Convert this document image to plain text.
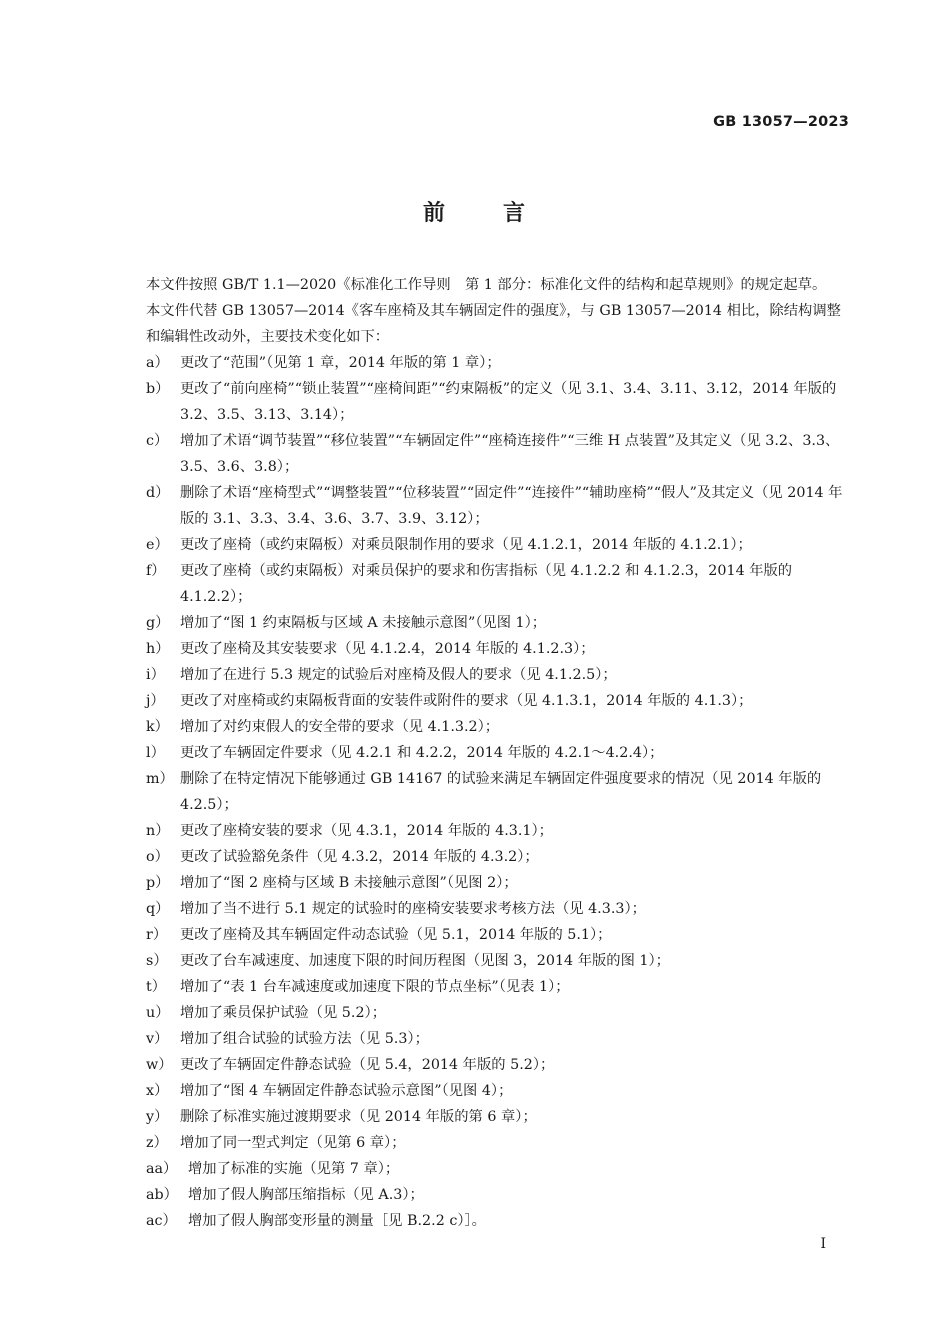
GB 13057—2023
前	言

本文件按照 GB/T 1.1—2020《标准化工作导则　第 1 部分：标准化文件的结构和起草规则》的规定起草。

本文件代替 GB 13057—2014《客车座椅及其车辆固定件的强度》，与 GB 13057—2014 相比，除结构调整和编辑性改动外，主要技术变化如下：

a） 更改了“范围”（见第 1 章，2014 年版的第 1 章）；
b） 更改了“前向座椅”“锁止装置”“座椅间距”“约束隔板”的定义（见 3.1、3.4、3.11、3.12，2014 年版的 3.2、3.5、3.13、3.14）；
c） 增加了术语“调节装置”“移位装置”“车辆固定件”“座椅连接件”“三维 H 点装置”及其定义（见 3.2、3.3、3.5、3.6、3.8）；
d） 删除了术语“座椅型式”“调整装置”“位移装置”“固定件”“连接件”“辅助座椅”“假人”及其定义（见 2014 年版的 3.1、3.3、3.4、3.6、3.7、3.9、3.12）；
e） 更改了座椅（或约束隔板）对乘员限制作用的要求（见 4.1.2.1，2014 年版的 4.1.2.1）；
f）	更改了座椅（或约束隔板）对乘员保护的要求和伤害指标（见 4.1.2.2 和 4.1.2.3，2014 年版的 4.1.2.2）；
g） 增加了“图 1 约束隔板与区域 A 未接触示意图”（见图 1）；
h） 更改了座椅及其安装要求（见 4.1.2.4，2014 年版的 4.1.2.3）；
i）	增加了在进行 5.3 规定的试验后对座椅及假人的要求（见 4.1.2.5）；
j）	更改了对座椅或约束隔板背面的安装件或附件的要求（见 4.1.3.1，2014 年版的 4.1.3）；
k） 增加了对约束假人的安全带的要求（见 4.1.3.2）；
l）	更改了车辆固定件要求（见 4.2.1 和 4.2.2，2014 年版的 4.2.1～4.2.4）；
m） 删除了在特定情况下能够通过 GB 14167 的试验来满足车辆固定件强度要求的情况（见 2014 年版的 4.2.5）；
n） 更改了座椅安装的要求（见 4.3.1，2014 年版的 4.3.1）；
o） 更改了试验豁免条件（见 4.3.2，2014 年版的 4.3.2）；
p） 增加了“图 2 座椅与区域 B 未接触示意图”（见图 2）；
q） 增加了当不进行 5.1 规定的试验时的座椅安装要求考核方法（见 4.3.3）；
r） 更改了座椅及其车辆固定件动态试验（见 5.1，2014 年版的 5.1）；
s） 更改了台车减速度、加速度下限的时间历程图（见图 3，2014 年版的图 1）；
t） 增加了“表 1 台车减速度或加速度下限的节点坐标”（见表 1）；
u） 增加了乘员保护试验（见 5.2）；
v） 增加了组合试验的试验方法（见 5.3）；
w） 更改了车辆固定件静态试验（见 5.4，2014 年版的 5.2）；
x） 增加了“图 4 车辆固定件静态试验示意图”（见图 4）；
y） 删除了标准实施过渡期要求（见 2014 年版的第 6 章）；
z） 增加了同一型式判定（见第 6 章）；
aa） 增加了标准的实施（见第 7 章）；
ab） 增加了假人胸部压缩指标（见 A.3）；
ac） 增加了假人胸部变形量的测量［见 B.2.2 c）］。
Ⅰ
